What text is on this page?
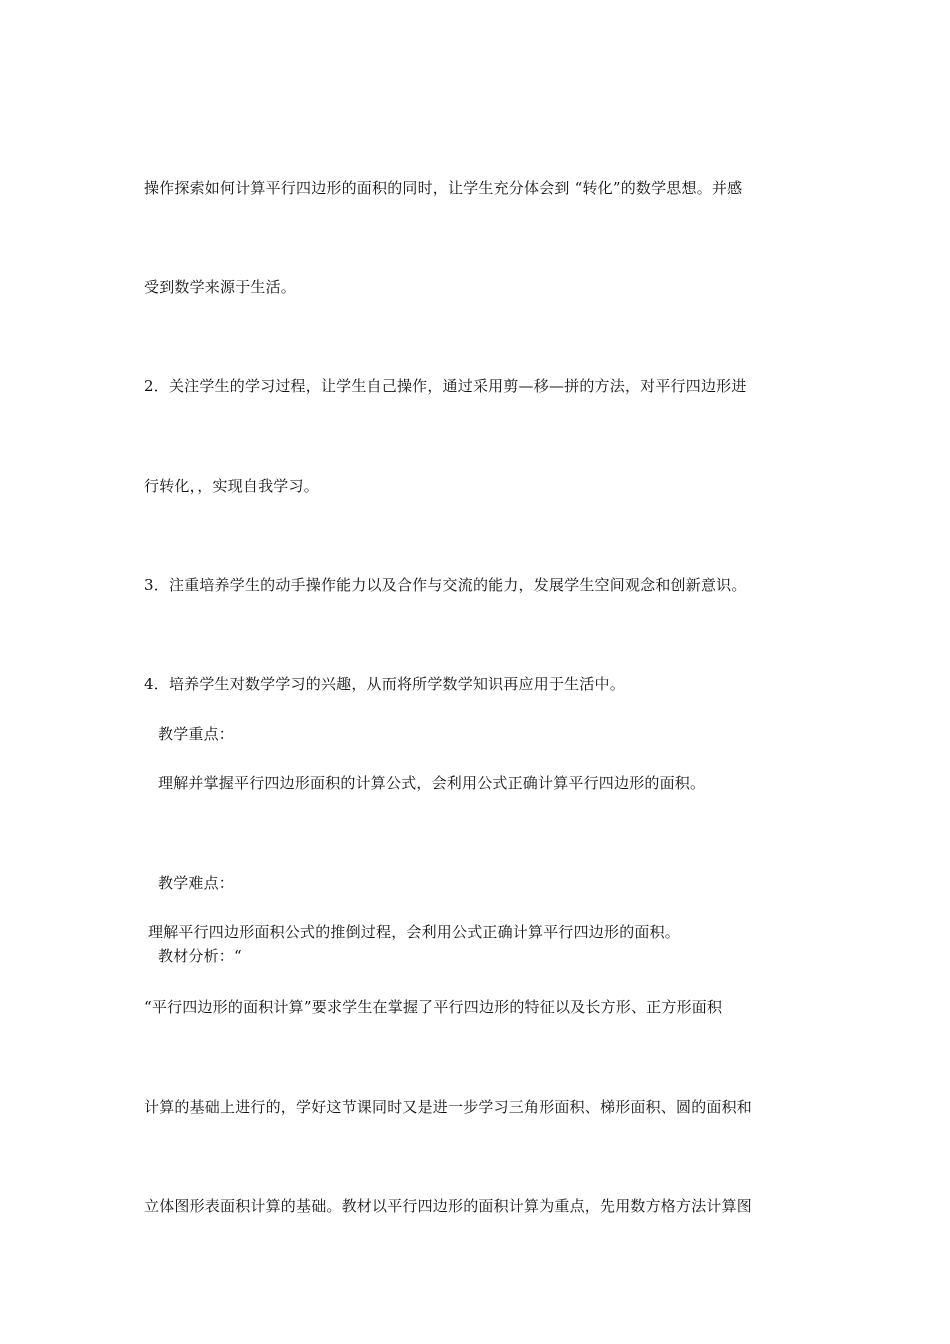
操作探索如何计算平行四边形的面积的同时，让学生充分体会到 “转化”的数学思想。并感
受到数学来源于生活。
2．关注学生的学习过程，让学生自己操作，通过采用剪—移—拼的方法，对平行四边形进
行转化，，实现自我学习。
3．注重培养学生的动手操作能力以及合作与交流的能力，发展学生空间观念和创新意识。
4．培养学生对数学学习的兴趣，从而将所学数学知识再应用于生活中。
教学重点：
理解并掌握平行四边形面积的计算公式，会利用公式正确计算平行四边形的面积。
教学难点：
理解平行四边形面积公式的推倒过程，会利用公式正确计算平行四边形的面积。
教材分析：“
“平行四边形的面积计算”要求学生在掌握了平行四边形的特征以及长方形、正方形面积
计算的基础上进行的，学好这节课同时又是进一步学习三角形面积、梯形面积、圆的面积和
立体图形表面积计算的基础。教材以平行四边形的面积计算为重点，先用数方格方法计算图
